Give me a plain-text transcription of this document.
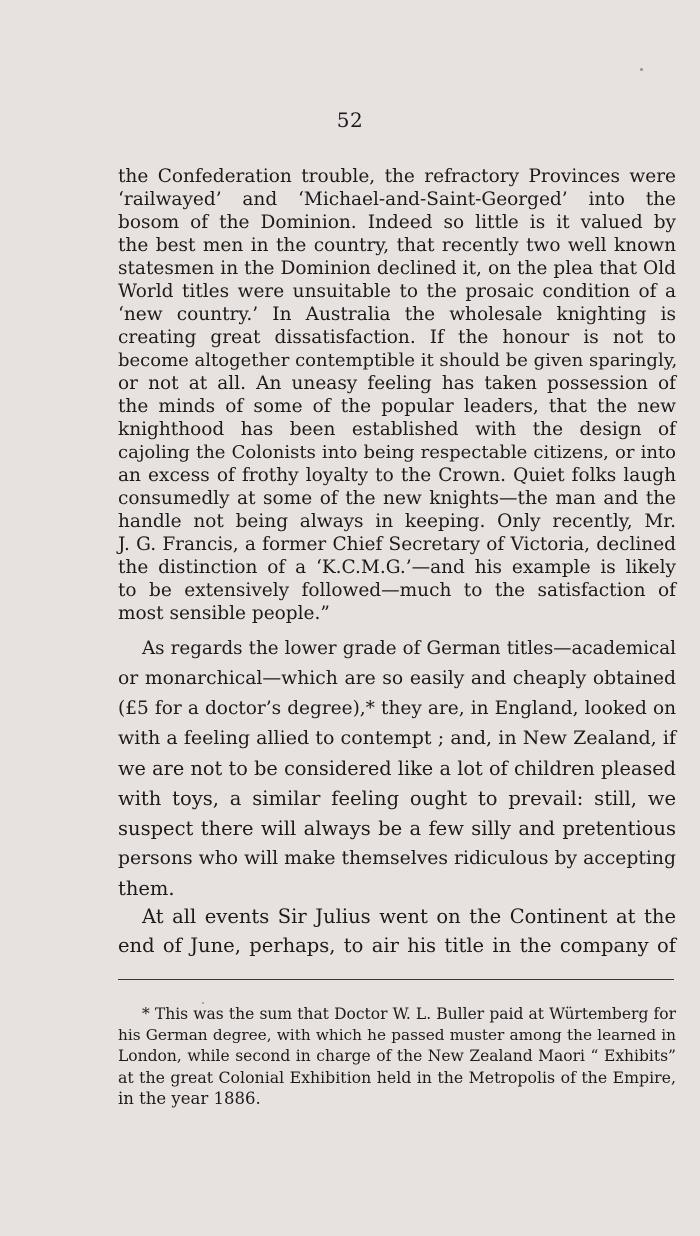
52
the Confederation trouble, the refractory Provinces were
‘railwayed’ and ‘Michael-and-Saint-Georged’ into the
bosom of the Dominion. Indeed so little is it valued by
the best men in the country, that recently two well known
statesmen in the Dominion declined it, on the plea that Old
World titles were unsuitable to the prosaic condition of a
‘new country.’ In Australia the wholesale knighting is
creating great dissatisfaction. If the honour is not to
become altogether contemptible it should be given sparingly,
or not at all. An uneasy feeling has taken possession of
the minds of some of the popular leaders, that the new
knighthood has been established with the design of
cajoling the Colonists into being respectable citizens, or into
an excess of frothy loyalty to the Crown. Quiet folks laugh
consumedly at some of the new knights—the man and the
handle not being always in keeping. Only recently, Mr.
J. G. Francis, a former Chief Secretary of Victoria, declined
the distinction of a ‘K.C.M.G.’—and his example is likely
to be extensively followed—much to the satisfaction of
most sensible people.”
As regards the lower grade of German titles—academical
or monarchical—which are so easily and cheaply obtained
(£5 for a doctor’s degree),* they are, in England, looked on
with a feeling allied to contempt ; and, in New Zealand, if
we are not to be considered like a lot of children pleased
with toys, a similar feeling ought to prevail: still, we
suspect there will always be a few silly and pretentious
persons who will make themselves ridiculous by accepting
them.
At all events Sir Julius went on the Continent at the
end of June, perhaps, to air his title in the company of
* This was the sum that Doctor W. L. Buller paid at Würtemberg for
his German degree, with which he passed muster among the learned in
London, while second in charge of the New Zealand Maori “ Exhibits”
at the great Colonial Exhibition held in the Metropolis of the Empire,
in the year 1886.
